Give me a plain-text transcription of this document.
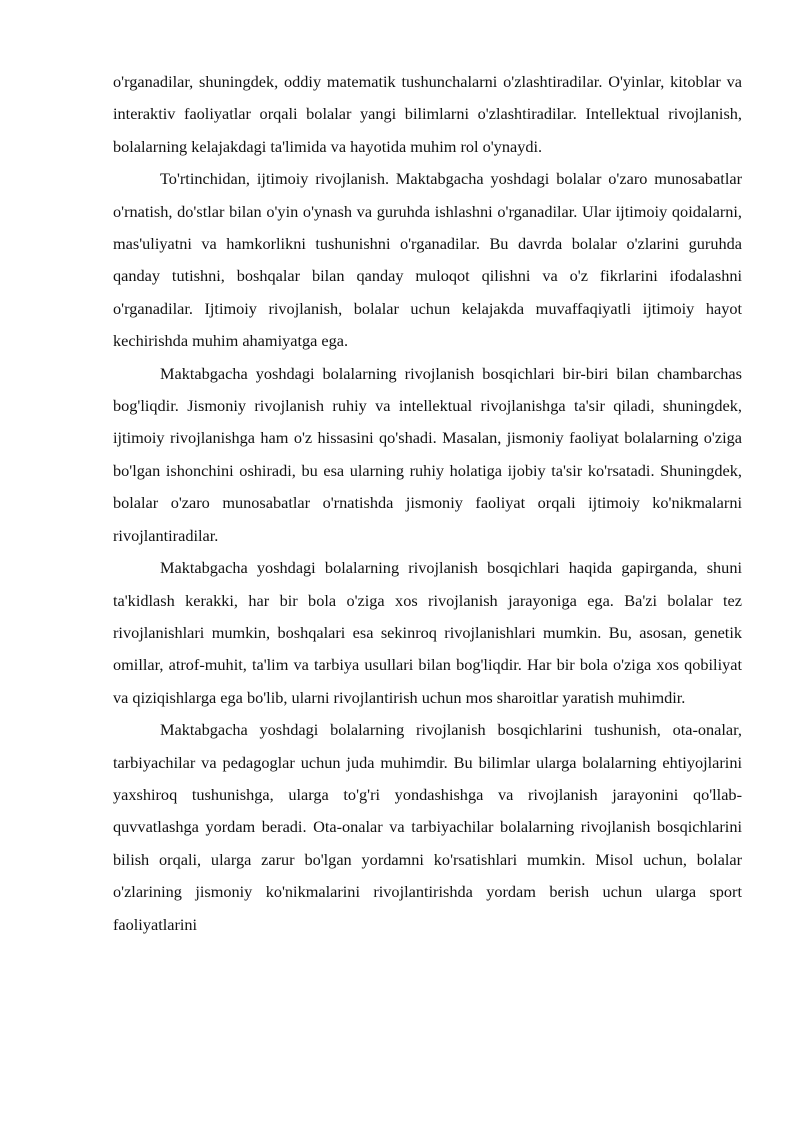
o'rganadilar, shuningdek, oddiy matematik tushunchalarni o'zlashtiradilar. O'yinlar, kitoblar va interaktiv faoliyatlar orqali bolalar yangi bilimlarni o'zlashtiradilar. Intellektual rivojlanish, bolalarning kelajakdagi ta'limida va hayotida muhim rol o'ynaydi.

To'rtinchidan, ijtimoiy rivojlanish. Maktabgacha yoshdagi bolalar o'zaro munosabatlar o'rnatish, do'stlar bilan o'yin o'ynash va guruhda ishlashni o'rganadilar. Ular ijtimoiy qoidalarni, mas'uliyatni va hamkorlikni tushunishni o'rganadilar. Bu davrda bolalar o'zlarini guruhda qanday tutishni, boshqalar bilan qanday muloqot qilishni va o'z fikrlarini ifodalashni o'rganadilar. Ijtimoiy rivojlanish, bolalar uchun kelajakda muvaffaqiyatli ijtimoiy hayot kechirishda muhim ahamiyatga ega.

Maktabgacha yoshdagi bolalarning rivojlanish bosqichlari bir-biri bilan chambarchas bog'liqdir. Jismoniy rivojlanish ruhiy va intellektual rivojlanishga ta'sir qiladi, shuningdek, ijtimoiy rivojlanishga ham o'z hissasini qo'shadi. Masalan, jismoniy faoliyat bolalarning o'ziga bo'lgan ishonchini oshiradi, bu esa ularning ruhiy holatiga ijobiy ta'sir ko'rsatadi. Shuningdek, bolalar o'zaro munosabatlar o'rnatishda jismoniy faoliyat orqali ijtimoiy ko'nikmalarni rivojlantiradilar.

Maktabgacha yoshdagi bolalarning rivojlanish bosqichlari haqida gapirganda, shuni ta'kidlash kerakki, har bir bola o'ziga xos rivojlanish jarayoniga ega. Ba'zi bolalar tez rivojlanishlari mumkin, boshqalari esa sekinroq rivojlanishlari mumkin. Bu, asosan, genetik omillar, atrof-muhit, ta'lim va tarbiya usullari bilan bog'liqdir. Har bir bola o'ziga xos qobiliyat va qiziqishlarga ega bo'lib, ularni rivojlantirish uchun mos sharoitlar yaratish muhimdir.

Maktabgacha yoshdagi bolalarning rivojlanish bosqichlarini tushunish, ota-onalar, tarbiyachilar va pedagoglar uchun juda muhimdir. Bu bilimlar ularga bolalarning ehtiyojlarini yaxshiroq tushunishga, ularga to'g'ri yondashishga va rivojlanish jarayonini qo'llab-quvvatlashga yordam beradi. Ota-onalar va tarbiyachilar bolalarning rivojlanish bosqichlarini bilish orqali, ularga zarur bo'lgan yordamni ko'rsatishlari mumkin. Misol uchun, bolalar o'zlarining jismoniy ko'nikmalarini rivojlantirishda yordam berish uchun ularga sport faoliyatlarini
